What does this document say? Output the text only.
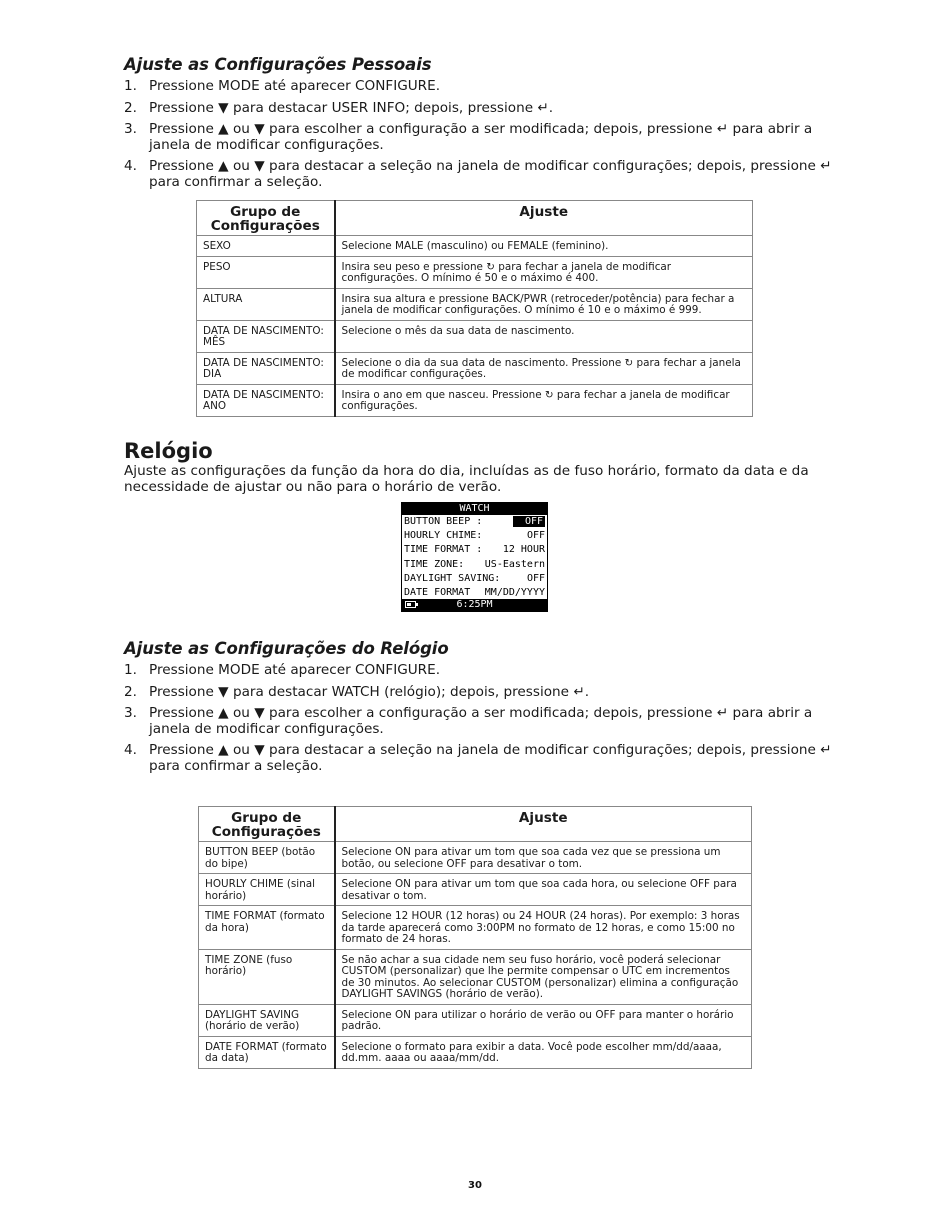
Ajuste as Configurações Pessoais
1. Pressione MODE até aparecer CONFIGURE.
2. Pressione ▼ para destacar USER INFO; depois, pressione ↵.
3. Pressione ▲ ou ▼ para escolher a configuração a ser modificada; depois, pressione ↵ para abrir a janela de modificar configurações.
4. Pressione ▲ ou ▼ para destacar a seleção na janela de modificar configurações; depois, pressione ↵ para confirmar a seleção.
Grupo de Configurações	Ajuste
SEXO	Selecione MALE (masculino) ou FEMALE (feminino).
PESO	Insira seu peso e pressione ↻ para fechar a janela de modificar configurações. O mínimo é 50 e o máximo é 400.
ALTURA	Insira sua altura e pressione BACK/PWR (retroceder/potência) para fechar a janela de modificar configurações. O mínimo é 10 e o máximo é 999.
DATA DE NASCIMENTO: MÊS	Selecione o mês da sua data de nascimento.
DATA DE NASCIMENTO: DIA	Selecione o dia da sua data de nascimento. Pressione ↻ para fechar a janela de modificar configurações.
DATA DE NASCIMENTO: ANO	Insira o ano em que nasceu. Pressione ↻ para fechar a janela de modificar configurações.
Relógio

Ajuste as configurações da função da hora do dia, incluídas as de fuso horário, formato da data e da necessidade de ajustar ou não para o horário de verão.

WATCH
BUTTON BEEP :	OFF
HOURLY CHIME:	OFF
TIME FORMAT : 12 HOUR
TIME ZONE: US-Eastern
DAYLIGHT SAVING:	OFF
DATE FORMAT MM/DD/YYYY
6:25PM
Ajuste as Configurações do Relógio
1. Pressione MODE até aparecer CONFIGURE.
2. Pressione ▼ para destacar WATCH (relógio); depois, pressione ↵.
3. Pressione ▲ ou ▼ para escolher a configuração a ser modificada; depois, pressione ↵ para abrir a janela de modificar configurações.
4. Pressione ▲ ou ▼ para destacar a seleção na janela de modificar configurações; depois, pressione ↵ para confirmar a seleção.
Grupo de Configurações	Ajuste
BUTTON BEEP (botão do bipe)	Selecione ON para ativar um tom que soa cada vez que se pressiona um botão, ou selecione OFF para desativar o tom.
HOURLY CHIME (sinal horário)	Selecione ON para ativar um tom que soa cada hora, ou selecione OFF para desativar o tom.
TIME FORMAT (formato da hora)	Selecione 12 HOUR (12 horas) ou 24 HOUR (24 horas). Por exemplo: 3 horas da tarde aparecerá como 3:00PM no formato de 12 horas, e como 15:00 no formato de 24 horas.
TIME ZONE (fuso horário)	Se não achar a sua cidade nem seu fuso horário, você poderá selecionar CUSTOM (personalizar) que lhe permite compensar o UTC em incrementos de 30 minutos. Ao selecionar CUSTOM (personalizar) elimina a configuração DAYLIGHT SAVINGS (horário de verão).
DAYLIGHT SAVING (horário de verão)	Selecione ON para utilizar o horário de verão ou OFF para manter o horário padrão.
DATE FORMAT (formato da data)	Selecione o formato para exibir a data. Você pode escolher mm/dd/aaaa, dd.mm. aaaa ou aaaa/mm/dd.
30
